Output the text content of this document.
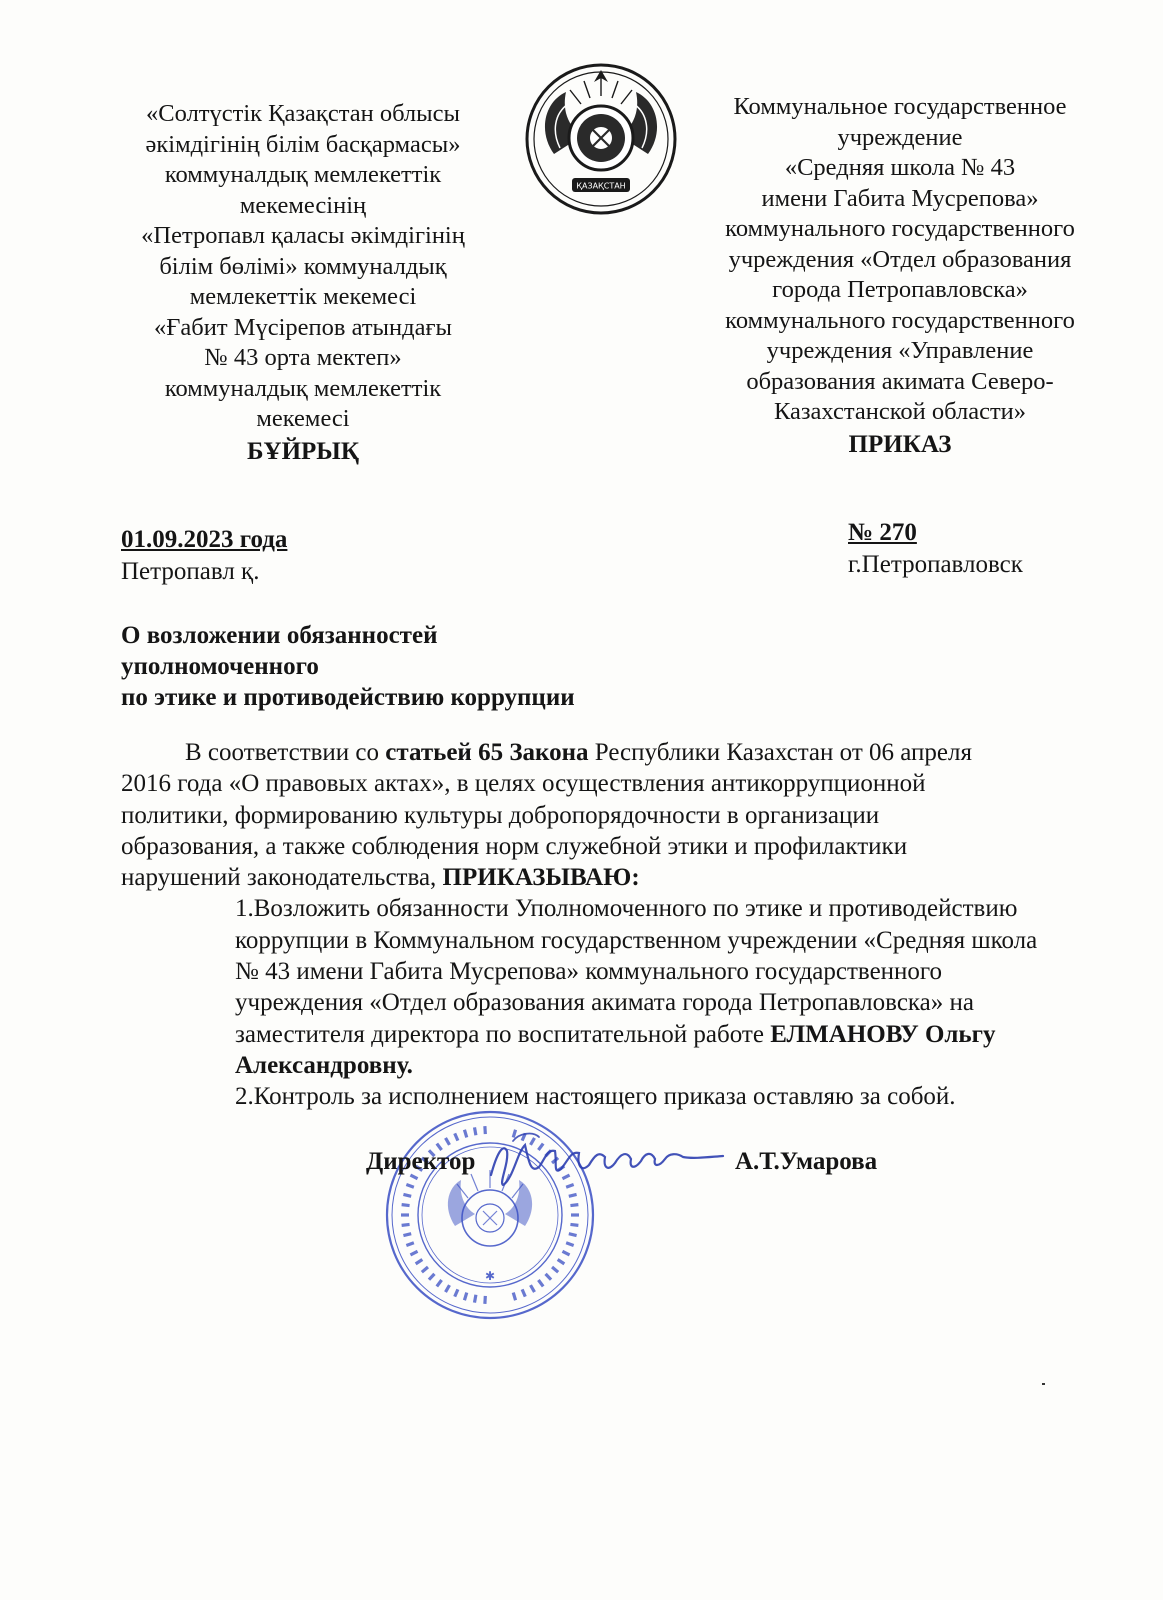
«Солтүстік Қазақстан облысы
әкімдігінің білім басқармасы»
коммуналдық мемлекеттік
мекемесінің
«Петропавл қаласы әкімдігінің
білім бөлімі» коммуналдық
мемлекеттік мекемесі
«Ғабит Мүсірепов атындағы
№ 43 орта мектеп»
коммуналдық мемлекеттік
мекемесі
БҰЙРЫҚ
ҚАЗАҚСТАН
Коммунальное государственное
учреждение
«Средняя школа № 43
имени Габита Мусрепова»
коммунального государственного
учреждения «Отдел образования
города Петропавловска»
коммунального государственного
учреждения «Управление
образования акимата Северо-
Казахстанской области»
ПРИКАЗ
01.09.2023 года
Петропавл қ.
№ 270
г.Петропавловск
О возложении обязанностей
уполномоченного
по этике и противодействию коррупции
В соответствии со статьей 65 Закона Республики Казахстан от 06 апреля
2016 года «О правовых актах», в целях осуществления антикоррупционной
политики, формированию культуры добропорядочности в организации
образования, а также соблюдения норм служебной этики и профилактики
нарушений законодательства, ПРИКАЗЫВАЮ:
1.Возложить обязанности Уполномоченного по этике и противодействию
коррупции в Коммунальном государственном учреждении «Средняя школа
№ 43 имени Габита Мусрепова» коммунального государственного
учреждения «Отдел образования акимата города Петропавловска» на
заместителя директора по воспитательной работе ЕЛМАНОВУ Ольгу
Александровну.
2.Контроль за исполнением настоящего приказа оставляю за собой.
✱
Директор	А.Т.Умарова
